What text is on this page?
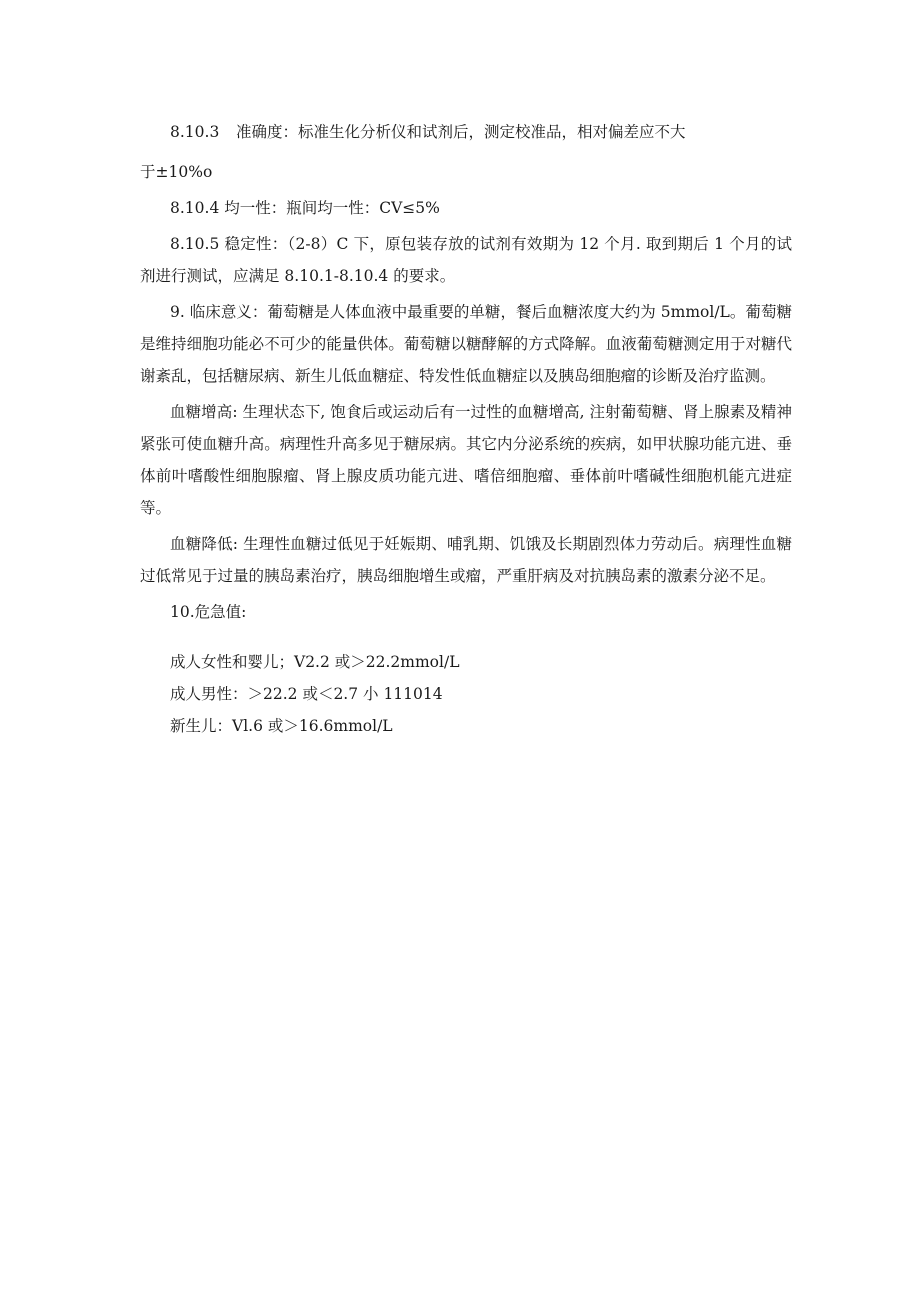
8.10.3 准确度：标准生化分析仪和试剂后，测定校准品，相对偏差应不大

于±10%o

8.10.4 均一性：瓶间均一性：CV≤5%

8.10.5 稳定性：（2-8）C 下，原包装存放的试剂有效期为 12 个月. 取到期后 1 个月的试剂进行测试，应满足 8.10.1-8.10.4 的要求。

9. 临床意义：葡萄糖是人体血液中最重要的单糖，餐后血糖浓度大约为 5mmol∕L。葡萄糖是维持细胞功能必不可少的能量供体。葡萄糖以糖酵解的方式降解。血液葡萄糖测定用于对糖代谢紊乱，包括糖尿病、新生儿低血糖症、特发性低血糖症以及胰岛细胞瘤的诊断及治疗监测。

血糖增高: 生理状态下, 饱食后或运动后有一过性的血糖增高, 注射葡萄糖、肾上腺素及精神紧张可使血糖升高。病理性升高多见于糖尿病。其它内分泌系统的疾病，如甲状腺功能亢进、垂体前叶嗜酸性细胞腺瘤、肾上腺皮质功能亢进、嗜倍细胞瘤、垂体前叶嗜碱性细胞机能亢进症等。

血糖降低: 生理性血糖过低见于妊娠期、哺乳期、饥饿及长期剧烈体力劳动后。病理性血糖过低常见于过量的胰岛素治疗，胰岛细胞增生或瘤，严重肝病及对抗胰岛素的激素分泌不足。

10.危急值:

成人女性和婴儿；V2.2 或＞22.2mmol∕L

成人男性：＞22.2 或＜2.7 小 111014

新生儿：Vl.6 或＞16.6mmol∕L
